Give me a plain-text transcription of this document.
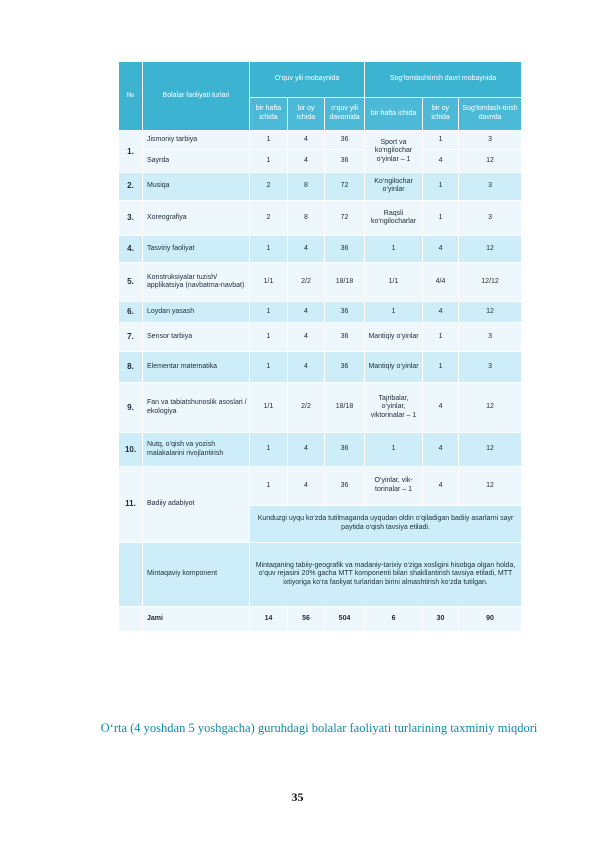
№	Bolalar faoliyati turlari	O‘quv yili mobaynida			Sog‘lomlashtirish davri mobaynida		
		bir hafta ichida	bir oy ichida	o‘quv yili davomida	bir hafta ichida	bir oy ichida	Sog‘lomlash-tirish davrida
1.	Jismoniy tarbiya	1	4	36	Sport va ko‘ngilochar o‘yinlar – 1	1	3
	Sayrda	1	4	36		4	12
2.	Musiqa	2	8	72	Ko‘ngilochar o‘yinlar	1	3
3.	Xoreografiya	2	8	72	Raqsli ko‘ngilocharlar	1	3
4.	Tasviriy faoliyat	1	4	36	1	4	12
5.	Konstruksiyalar tuzish/ applikatsiya (navbatma-navbat)	1/1	2/2	18/18	1/1	4/4	12/12
6.	Loydan yasash	1	4	36	1	4	12
7.	Sensor tarbiya	1	4	36	Mantiqiy o‘yinlar	1	3
8.	Elementar matematika	1	4	36	Mantiqiy o‘yinlar	1	3
9.	Fan va tabiatshunoslik asoslari / ekologiya	1/1	2/2	18/18	Tajribalar, o‘yinlar, viktorinalar – 1	4	12
10.	Nutq, o‘qish va yozish malakalarini rivojlantirish	1	4	36	1	4	12
11.	Badiiy adabiyot	1	4	36	O‘yinlar, vik-torinalar – 1	4	12
		Kunduzgi uyqu ko‘zda tutilmaganda uyqudan oldin o‘qiladigan badiiy asarlarni sayr paytida o‘qish tavsiya etiladi.					
	Mintaqaviy komponent	Mintaqaning tabiiy-geografik va madaniy-tarixiy o‘ziga xosligini hisobga olgan holda, o‘quv rejasini 20% gacha MTT komponenti bilan shakllantirish tavsiya etiladi, MTT ixtiyoriga ko‘ra faoliyat turlaridan birini almashtirish ko‘zda tutilgan.					
	Jami	14	56	504	6	30	90
O‘rta (4 yoshdan 5 yoshgacha) guruhdagi bolalar faoliyati turlarining taxminiy miqdori
35
